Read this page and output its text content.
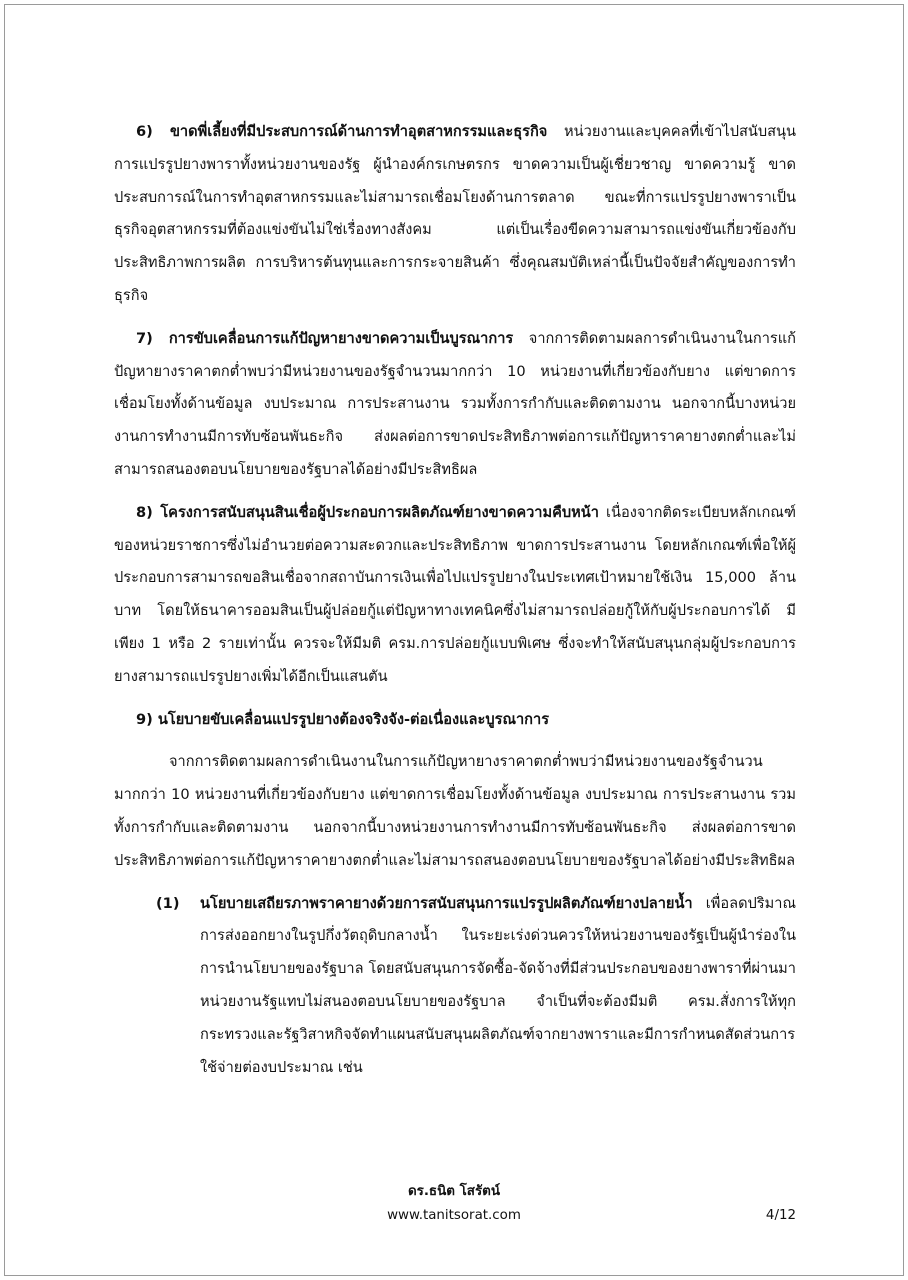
6) ขาดพี่เลี้ยงที่มีประสบการณ์ด้านการทำอุตสาหกรรมและธุรกิจ หน่วยงานและบุคคลที่เข้าไปสนับสนุนการแปรรูปยางพาราทั้งหน่วยงานของรัฐ ผู้นำองค์กรเกษตรกร ขาดความเป็นผู้เชี่ยวชาญ ขาดความรู้ ขาดประสบการณ์ในการทำอุตสาหกรรมและไม่สามารถเชื่อมโยงด้านการตลาด ขณะที่การแปรรูปยางพาราเป็นธุรกิจอุตสาหกรรมที่ต้องแข่งขันไม่ใช่เรื่องทางสังคม แต่เป็นเรื่องขีดความสามารถแข่งขันเกี่ยวข้องกับประสิทธิภาพการผลิต การบริหารต้นทุนและการกระจายสินค้า ซึ่งคุณสมบัติเหล่านี้เป็นปัจจัยสำคัญของการทำธุรกิจ

7) การขับเคลื่อนการแก้ปัญหายางขาดความเป็นบูรณาการ จากการติดตามผลการดำเนินงานในการแก้ปัญหายางราคาตกต่ำพบว่ามีหน่วยงานของรัฐจำนวนมากกว่า 10 หน่วยงานที่เกี่ยวข้องกับยาง แต่ขาดการเชื่อมโยงทั้งด้านข้อมูล งบประมาณ การประสานงาน รวมทั้งการกำกับและติดตามงาน นอกจากนี้บางหน่วยงานการทำงานมีการทับซ้อนพันธะกิจ ส่งผลต่อการขาดประสิทธิภาพต่อการแก้ปัญหาราคายางตกต่ำและไม่สามารถสนองตอบนโยบายของรัฐบาลได้อย่างมีประสิทธิผล

8) โครงการสนับสนุนสินเชื่อผู้ประกอบการผลิตภัณฑ์ยางขาดความคืบหน้า เนื่องจากติดระเบียบหลักเกณฑ์ของหน่วยราชการซึ่งไม่อำนวยต่อความสะดวกและประสิทธิภาพ ขาดการประสานงาน โดยหลักเกณฑ์เพื่อให้ผู้ประกอบการสามารถขอสินเชื่อจากสถาบันการเงินเพื่อไปแปรรูปยางในประเทศเป้าหมายใช้เงิน 15,000 ล้านบาท โดยให้ธนาคารออมสินเป็นผู้ปล่อยกู้แต่ปัญหาทางเทคนิคซึ่งไม่สามารถปล่อยกู้ให้กับผู้ประกอบการได้ มีเพียง 1 หรือ 2 รายเท่านั้น ควรจะให้มีมติ ครม.การปล่อยกู้แบบพิเศษ ซึ่งจะทำให้สนับสนุนกลุ่มผู้ประกอบการยางสามารถแปรรูปยางเพิ่มได้อีกเป็นแสนตัน

9) นโยบายขับเคลื่อนแปรรูปยางต้องจริงจัง-ต่อเนื่องและบูรณาการ

จากการติดตามผลการดำเนินงานในการแก้ปัญหายางราคาตกต่ำพบว่ามีหน่วยงานของรัฐจำนวนมากกว่า 10 หน่วยงานที่เกี่ยวข้องกับยาง แต่ขาดการเชื่อมโยงทั้งด้านข้อมูล งบประมาณ การประสานงาน รวมทั้งการกำกับและติดตามงาน นอกจากนี้บางหน่วยงานการทำงานมีการทับซ้อนพันธะกิจ ส่งผลต่อการขาดประสิทธิภาพต่อการแก้ปัญหาราคายางตกต่ำและไม่สามารถสนองตอบนโยบายของรัฐบาลได้อย่างมีประสิทธิผล

(1) นโยบายเสถียรภาพราคายางด้วยการสนับสนุนการแปรรูปผลิตภัณฑ์ยางปลายน้ำ เพื่อลดปริมาณการส่งออกยางในรูปกึ่งวัตถุดิบกลางน้ำ ในระยะเร่งด่วนควรให้หน่วยงานของรัฐเป็นผู้นำร่องในการนำนโยบายของรัฐบาล โดยสนับสนุนการจัดซื้อ-จัดจ้างที่มีส่วนประกอบของยางพาราที่ผ่านมาหน่วยงานรัฐแทบไม่สนองตอบนโยบายของรัฐบาล จำเป็นที่จะต้องมีมติ ครม.สั่งการให้ทุกกระทรวงและรัฐวิสาหกิจจัดทำแผนสนับสนุนผลิตภัณฑ์จากยางพาราและมีการกำหนดสัดส่วนการใช้จ่ายต่องบประมาณ เช่น

ดร.ธนิต โสรัตน์
www.tanitsorat.com	4/12
